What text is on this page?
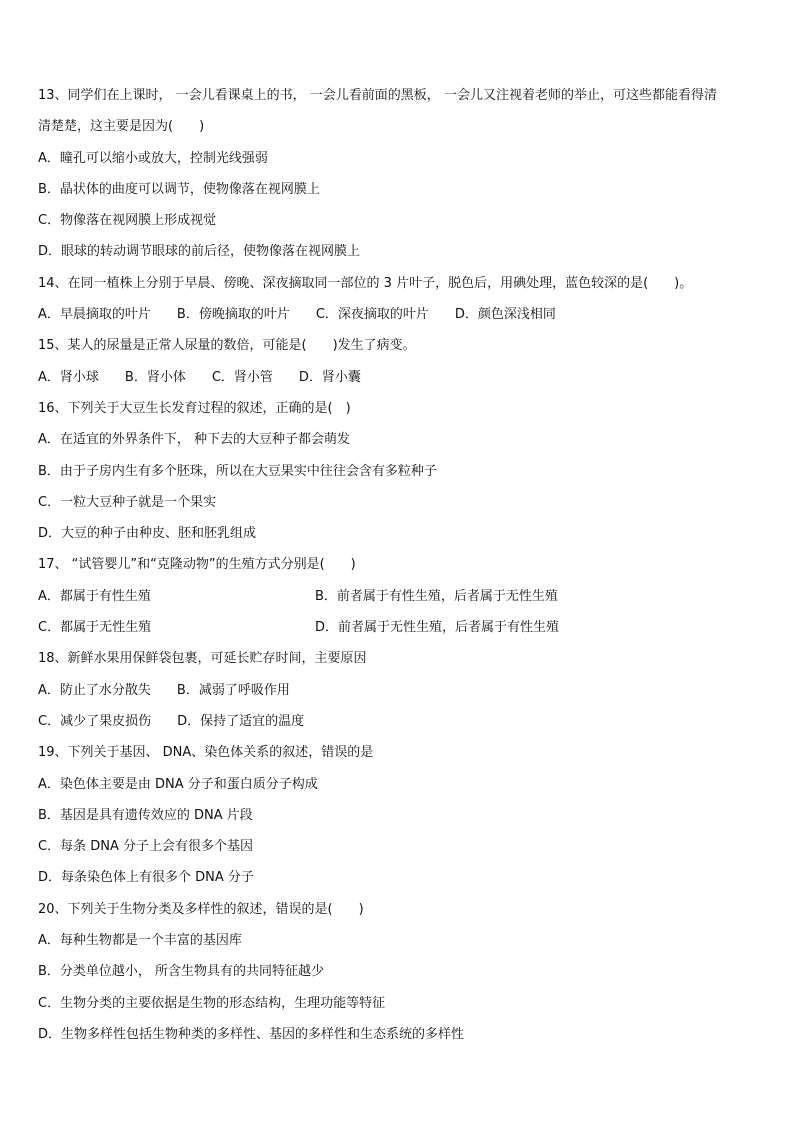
13、同学们在上课时， 一会儿看课桌上的书， 一会儿看前面的黑板， 一会儿又注视着老师的举止，可这些都能看得清
清楚楚，这主要是因为(　　)
A．瞳孔可以缩小或放大，控制光线强弱
B．晶状体的曲度可以调节，使物像落在视网膜上
C．物像落在视网膜上形成视觉
D．眼球的转动调节眼球的前后径，使物像落在视网膜上
14、在同一植株上分别于早晨、傍晚、深夜摘取同一部位的 3 片叶子，脱色后，用碘处理，蓝色较深的是(　　)。
A．早晨摘取的叶片 B．傍晚摘取的叶片 C．深夜摘取的叶片 D．颜色深浅相同
15、某人的尿量是正常人尿量的数倍，可能是(　　)发生了病变。
A．肾小球 B．肾小体 C．肾小管 D．肾小囊
16、下列关于大豆生长发育过程的叙述，正确的是(　)
A．在适宜的外界条件下， 种下去的大豆种子都会萌发
B．由于子房内生有多个胚珠，所以在大豆果实中往往会含有多粒种子
C．一粒大豆种子就是一个果实
D．大豆的种子由种皮、胚和胚乳组成
17、 “试管婴儿”和“克隆动物”的生殖方式分别是(　　)
A．都属于有性生殖	B．前者属于有性生殖，后者属于无性生殖
C．都属于无性生殖	D．前者属于无性生殖，后者属于有性生殖
18、新鲜水果用保鲜袋包裹，可延长贮存时间，主要原因
A．防止了水分散失 B．减弱了呼吸作用
C．减少了果皮损伤 D．保持了适宜的温度
19、下列关于基因、 DNA、染色体关系的叙述，错误的是
A．染色体主要是由 DNA 分子和蛋白质分子构成
B．基因是具有遗传效应的 DNA 片段
C．每条 DNA 分子上会有很多个基因
D．每条染色体上有很多个 DNA 分子
20、下列关于生物分类及多样性的叙述，错误的是(　　)
A．每种生物都是一个丰富的基因库
B．分类单位越小， 所含生物具有的共同特征越少
C．生物分类的主要依据是生物的形态结构，生理功能等特征
D．生物多样性包括生物种类的多样性、基因的多样性和生态系统的多样性
